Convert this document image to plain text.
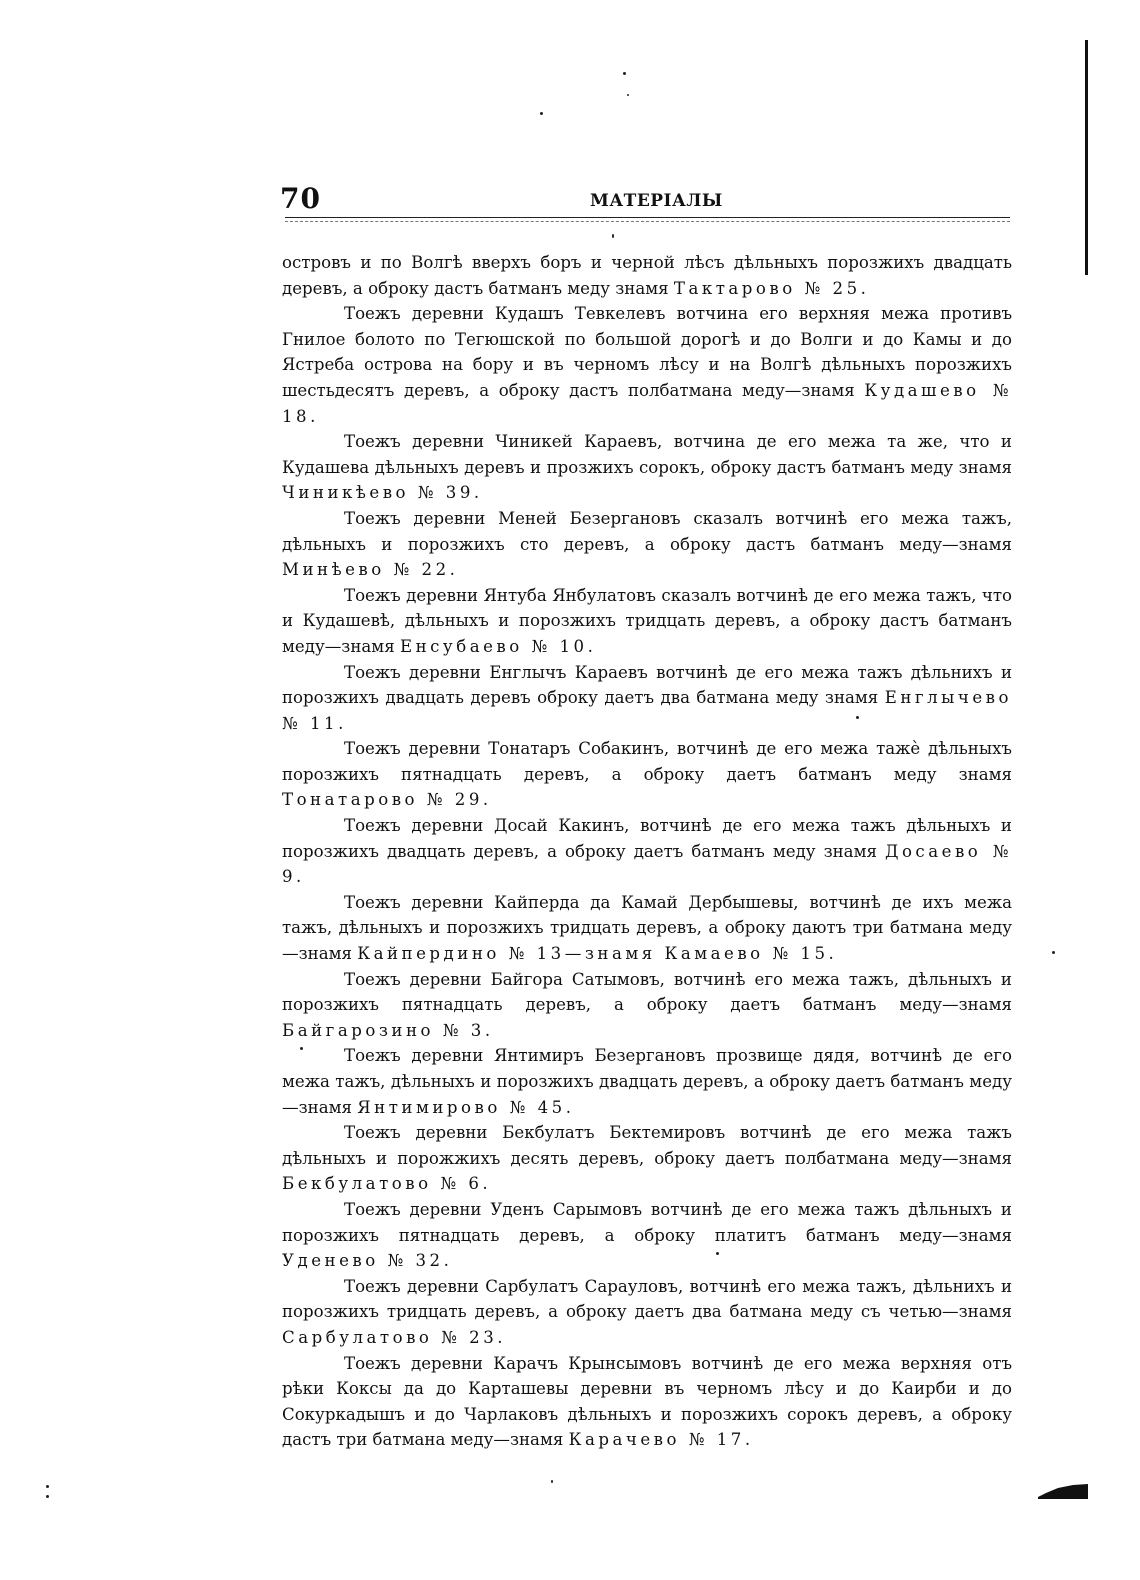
70	МАТЕРІАЛЫ

островъ и по Волгѣ вверхъ боръ и черной лѣсъ дѣльныхъ порозжихъ двадцать деревъ, а оброку дастъ батманъ меду знамя Тактарово № 25.

Тоежъ деревни Кудашъ Тевкелевъ вотчина его верхняя межа противъ Гнилое болото по Тегюшской по большой дорогѣ и до Волги и до Камы и до Ястреба острова на бору и въ черномъ лѣсу и на Волгѣ дѣльныхъ порозжихъ шестьдесятъ деревъ, а оброку дастъ полбатмана меду—знамя Кудашево № 18.

Тоежъ деревни Чиникей Караевъ, вотчина де его межа та же, что и Кудашева дѣльныхъ деревъ и прозжихъ сорокъ, оброку дастъ батманъ меду знамя Чиникѣево № 39.

Тоежъ деревни Меней Безергановъ сказалъ вотчинѣ его межа тажъ, дѣльныхъ и порозжихъ сто деревъ, а оброку дастъ батманъ меду—знамя Минѣево № 22.

Тоежъ деревни Янтуба Янбулатовъ сказалъ вотчинѣ де его межа тажъ, что и Кудашевѣ, дѣльныхъ и порозжихъ тридцать деревъ, а оброку дастъ батманъ меду—знамя Енсубаево № 10.

Тоежъ деревни Енглычъ Караевъ вотчинѣ де его межа тажъ дѣльнихъ и порозжихъ двадцать деревъ оброку даетъ два батмана меду знамя Енглычево № 11.

Тоежъ деревни Тонатаръ Собакинъ, вотчинѣ де его межа тажѐ дѣльныхъ порозжихъ пятнадцать деревъ, а оброку даетъ батманъ меду знамя Тонатарово № 29.

Тоежъ деревни Досай Какинъ, вотчинѣ де его межа тажъ дѣльныхъ и порозжихъ двадцать деревъ, а оброку даетъ батманъ меду знамя Досаево № 9.

Тоежъ деревни Кайперда да Камай Дербышевы, вотчинѣ де ихъ межа тажъ, дѣльныхъ и порозжихъ тридцать деревъ, а оброку даютъ три батмана меду—знамя Кайпердино № 13—знамя Камаево № 15.

Тоежъ деревни Байгора Сатымовъ, вотчинѣ его межа тажъ, дѣльныхъ и порозжихъ пятнадцать деревъ, а оброку даетъ батманъ меду—знамя Байгарозино № 3.

Тоежъ деревни Янтимиръ Безергановъ прозвище дядя, вотчинѣ де его межа тажъ, дѣльныхъ и порозжихъ двадцать деревъ, а оброку даетъ батманъ меду—знамя Янтимирово № 45.

Тоежъ деревни Бекбулатъ Бектемировъ вотчинѣ де его межа тажъ дѣльныхъ и порожжихъ десять деревъ, оброку даетъ полбатмана меду—знамя Бекбулатово № 6.

Тоежъ деревни Уденъ Сарымовъ вотчинѣ де его межа тажъ дѣльныхъ и порозжихъ пятнадцать деревъ, а оброку платитъ батманъ меду—знамя Уденево № 32.

Тоежъ деревни Сарбулатъ Сарауловъ, вотчинѣ его межа тажъ, дѣльнихъ и порозжихъ тридцать деревъ, а оброку даетъ два батмана меду съ четью—знамя Сарбулатово № 23.

Тоежъ деревни Карачъ Крынсымовъ вотчинѣ де его межа верхняя отъ рѣки Коксы да до Карташевы деревни въ черномъ лѣсу и до Каирби и до Сокуркадышъ и до Чарлаковъ дѣльныхъ и порозжихъ сорокъ деревъ, а оброку дастъ три батмана меду—знамя Карачево № 17.
